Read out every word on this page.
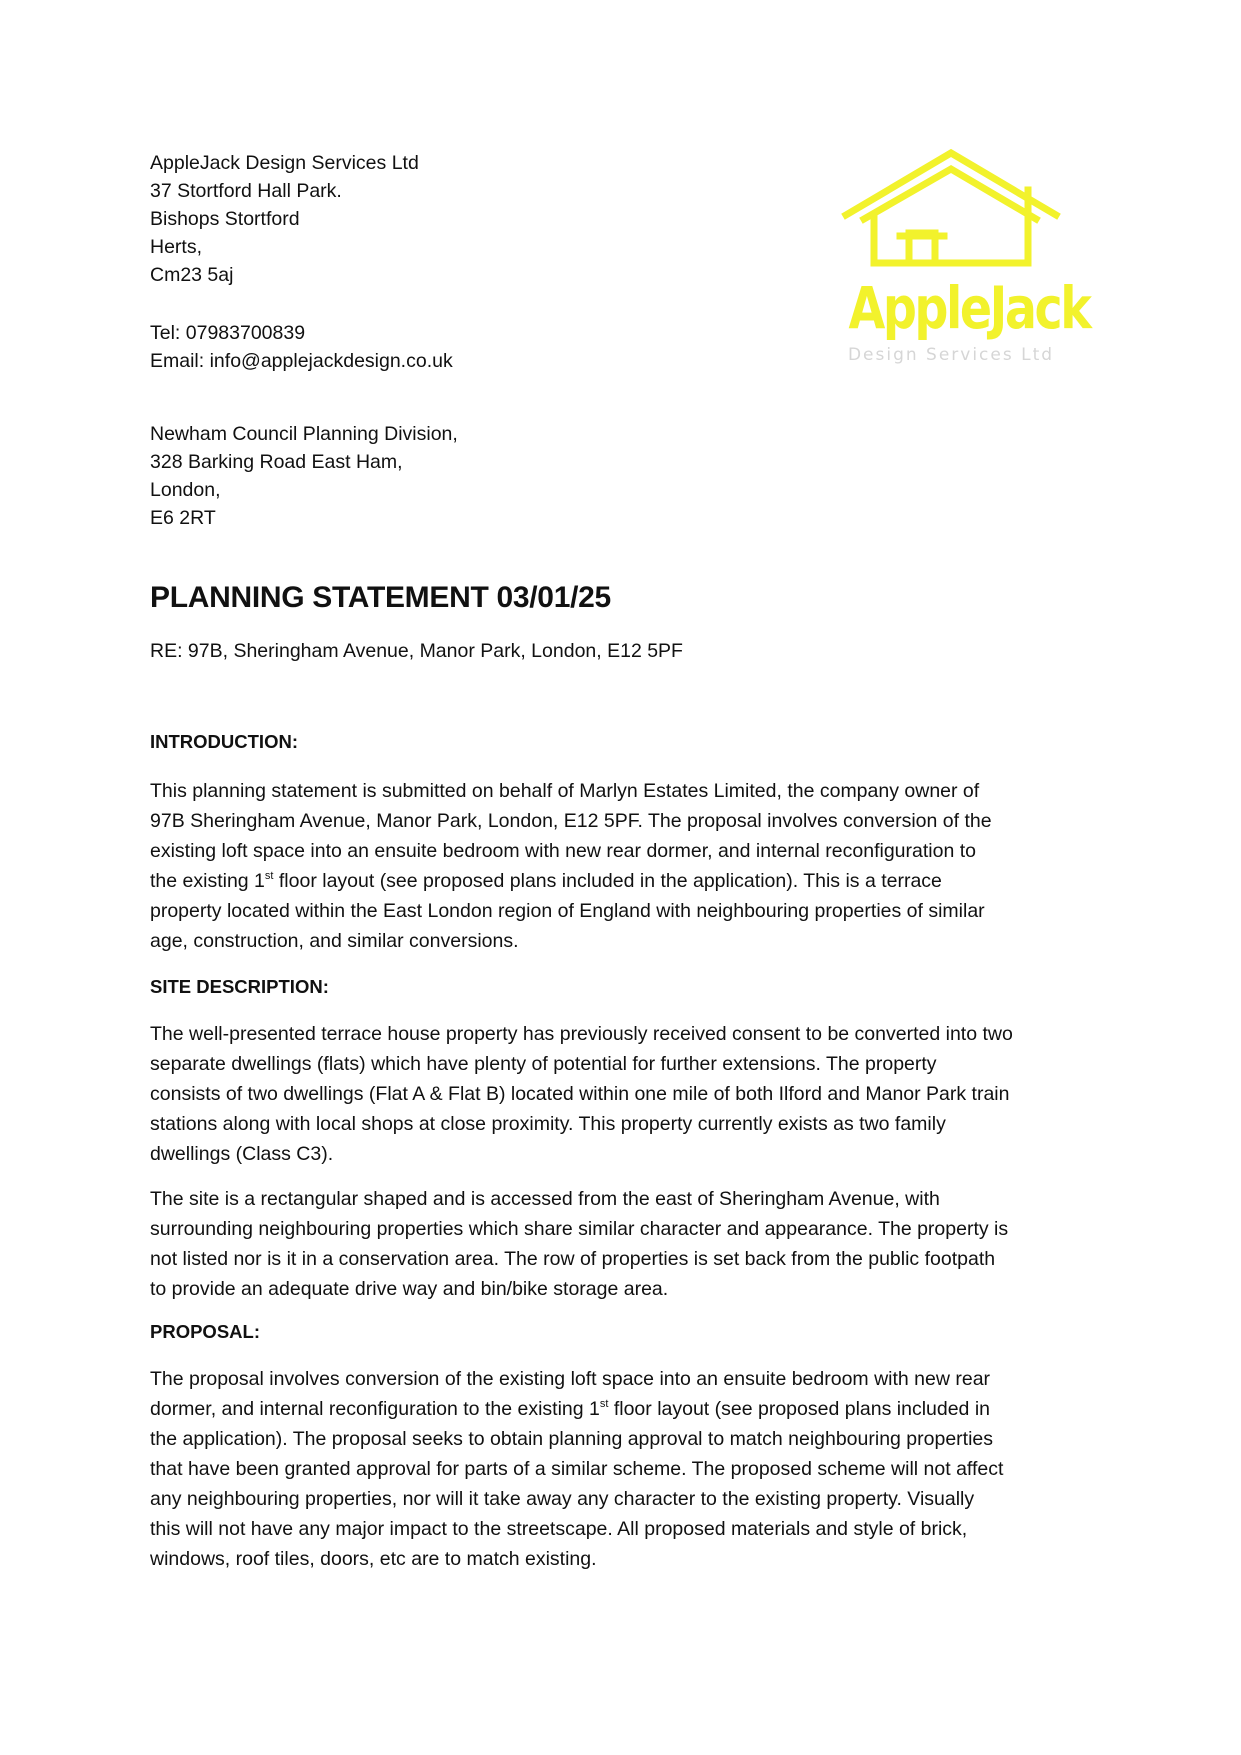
AppleJack Design Services Ltd
37 Stortford Hall Park.
Bishops Stortford
Herts,
Cm23 5aj
Tel: 07983700839
Email: info@applejackdesign.co.uk
AppleJack
Design Services Ltd
Newham Council Planning Division,
328 Barking Road East Ham,
London,
E6 2RT
PLANNING STATEMENT 03/01/25
RE: 97B, Sheringham Avenue, Manor Park, London, E12 5PF
INTRODUCTION:
This planning statement is submitted on behalf of Marlyn Estates Limited, the company owner of
97B Sheringham Avenue, Manor Park, London, E12 5PF. The proposal involves conversion of the
existing loft space into an ensuite bedroom with new rear dormer, and internal reconfiguration to
the existing 1st floor layout (see proposed plans included in the application). This is a terrace
property located within the East London region of England with neighbouring properties of similar
age, construction, and similar conversions.
SITE DESCRIPTION:
The well-presented terrace house property has previously received consent to be converted into two
separate dwellings (flats) which have plenty of potential for further extensions. The property
consists of two dwellings (Flat A & Flat B) located within one mile of both Ilford and Manor Park train
stations along with local shops at close proximity. This property currently exists as two family
dwellings (Class C3).
The site is a rectangular shaped and is accessed from the east of Sheringham Avenue, with
surrounding neighbouring properties which share similar character and appearance. The property is
not listed nor is it in a conservation area. The row of properties is set back from the public footpath
to provide an adequate drive way and bin/bike storage area.
PROPOSAL:
The proposal involves conversion of the existing loft space into an ensuite bedroom with new rear
dormer, and internal reconfiguration to the existing 1st floor layout (see proposed plans included in
the application). The proposal seeks to obtain planning approval to match neighbouring properties
that have been granted approval for parts of a similar scheme. The proposed scheme will not affect
any neighbouring properties, nor will it take away any character to the existing property. Visually
this will not have any major impact to the streetscape. All proposed materials and style of brick,
windows, roof tiles, doors, etc are to match existing.
